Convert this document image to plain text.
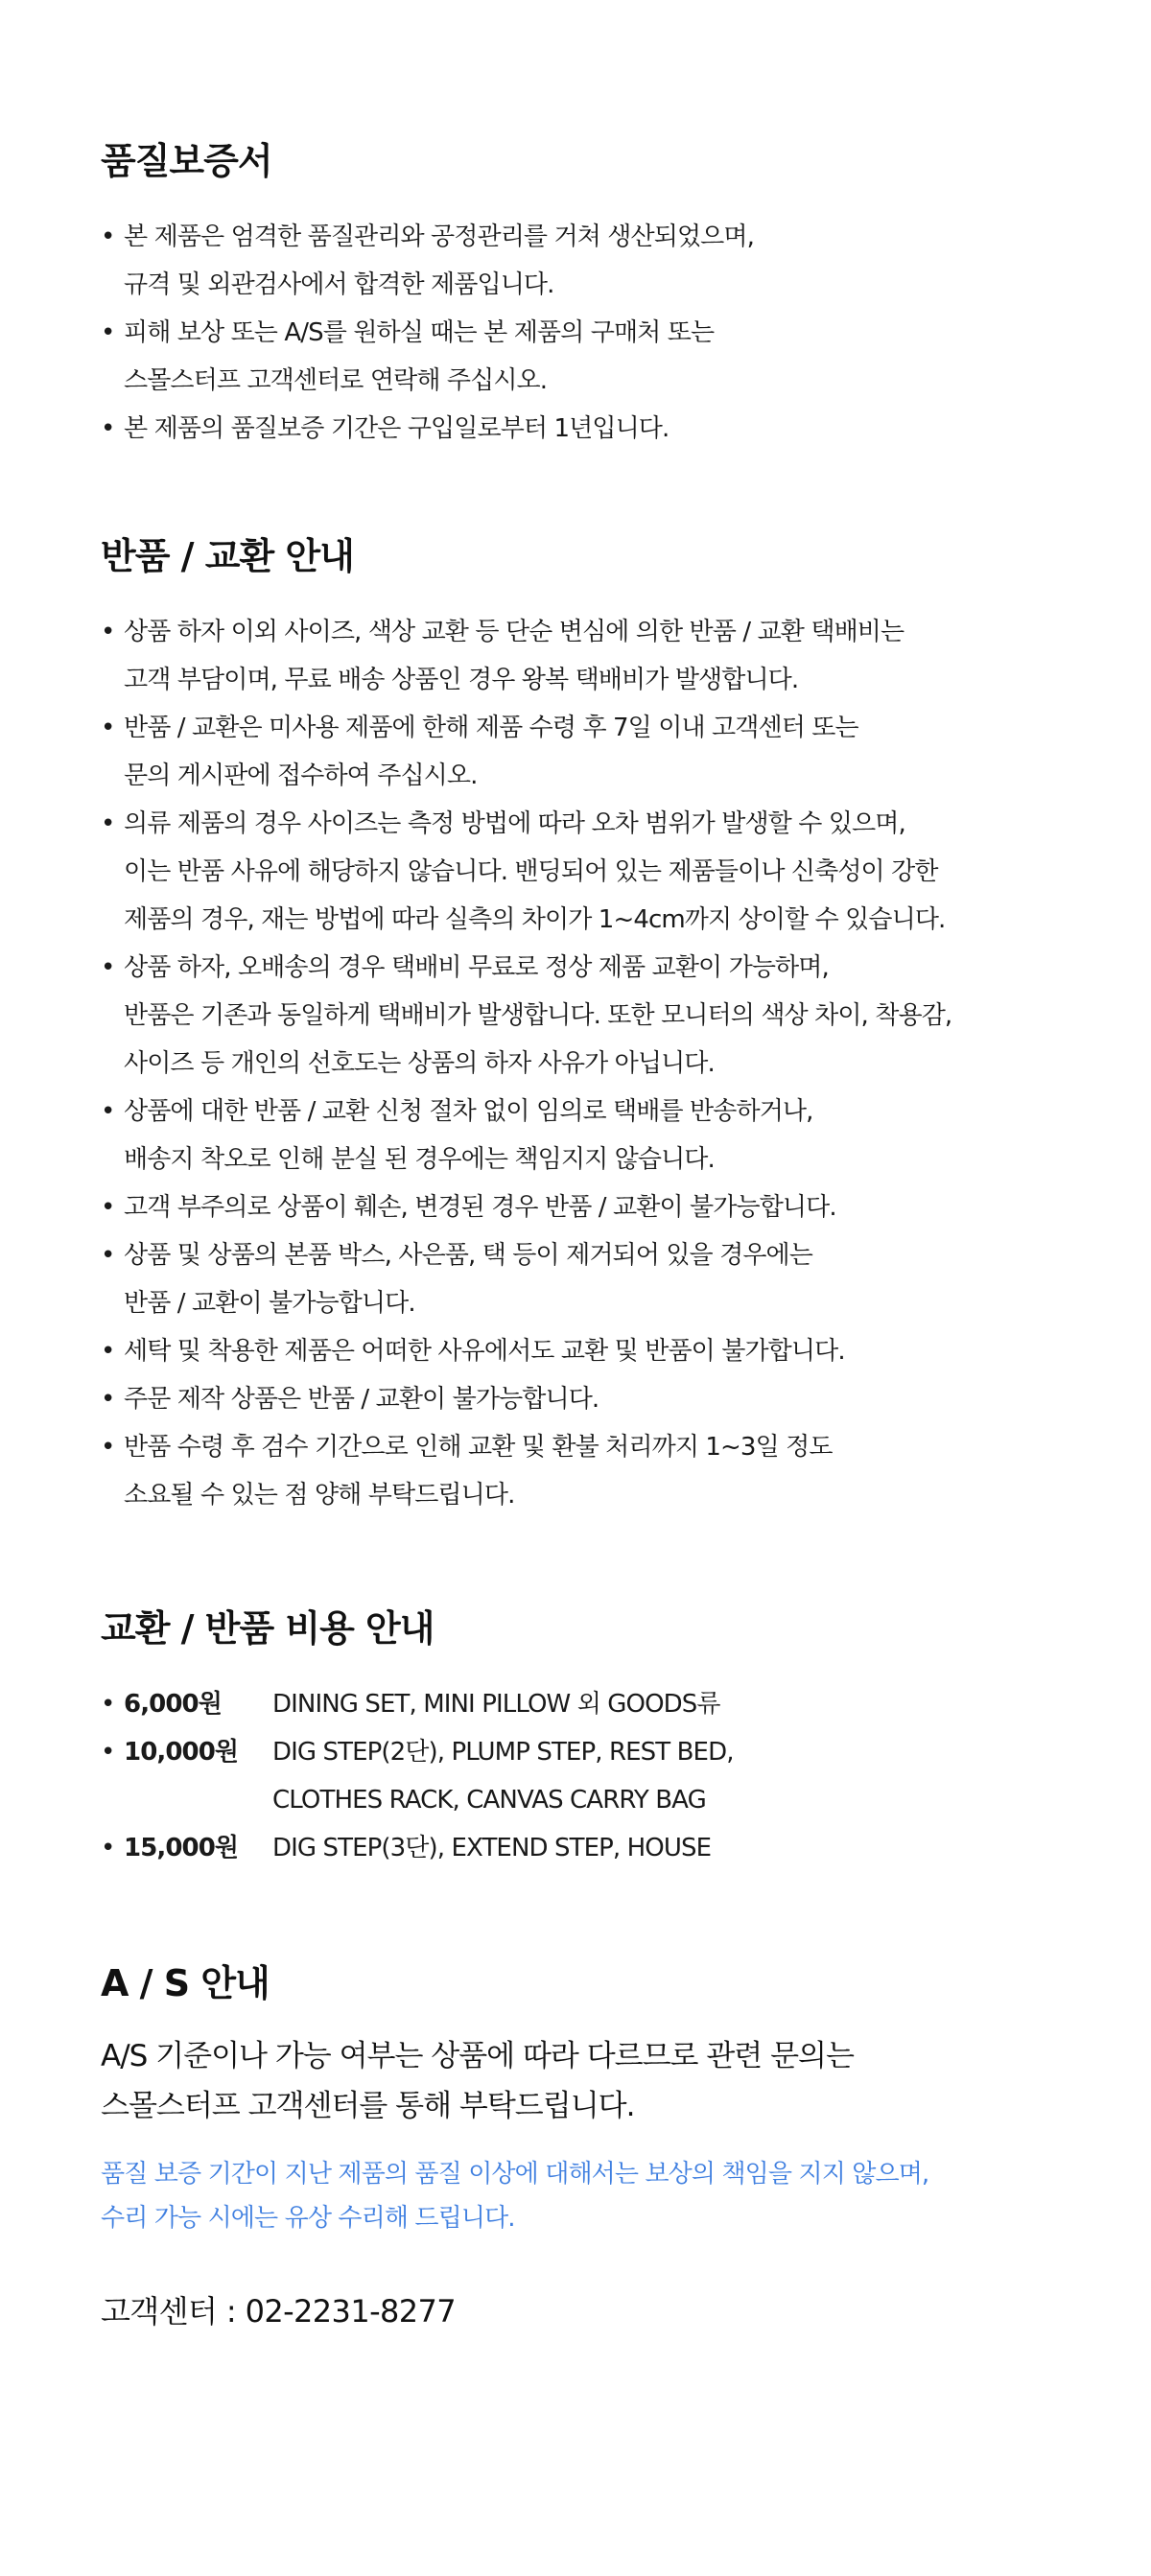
품질보증서
• 본 제품은 엄격한 품질관리와 공정관리를 거쳐 생산되었으며,
규격 및 외관검사에서 합격한 제품입니다.
• 피해 보상 또는 A/S를 원하실 때는 본 제품의 구매처 또는
스몰스터프 고객센터로 연락해 주십시오.
• 본 제품의 품질보증 기간은 구입일로부터 1년입니다.
반품 / 교환 안내
• 상품 하자 이외 사이즈, 색상 교환 등 단순 변심에 의한 반품 / 교환 택배비는
고객 부담이며, 무료 배송 상품인 경우 왕복 택배비가 발생합니다.
• 반품 / 교환은 미사용 제품에 한해 제품 수령 후 7일 이내 고객센터 또는
문의 게시판에 접수하여 주십시오.
• 의류 제품의 경우 사이즈는 측정 방법에 따라 오차 범위가 발생할 수 있으며,
이는 반품 사유에 해당하지 않습니다. 밴딩되어 있는 제품들이나 신축성이 강한
제품의 경우, 재는 방법에 따라 실측의 차이가 1~4cm까지 상이할 수 있습니다.
• 상품 하자, 오배송의 경우 택배비 무료로 정상 제품 교환이 가능하며,
반품은 기존과 동일하게 택배비가 발생합니다. 또한 모니터의 색상 차이, 착용감,
사이즈 등 개인의 선호도는 상품의 하자 사유가 아닙니다.
• 상품에 대한 반품 / 교환 신청 절차 없이 임의로 택배를 반송하거나,
배송지 착오로 인해 분실 된 경우에는 책임지지 않습니다.
• 고객 부주의로 상품이 훼손, 변경된 경우 반품 / 교환이 불가능합니다.
• 상품 및 상품의 본품 박스, 사은품, 택 등이 제거되어 있을 경우에는
반품 / 교환이 불가능합니다.
• 세탁 및 착용한 제품은 어떠한 사유에서도 교환 및 반품이 불가합니다.
• 주문 제작 상품은 반품 / 교환이 불가능합니다.
• 반품 수령 후 검수 기간으로 인해 교환 및 환불 처리까지 1~3일 정도
소요될 수 있는 점 양해 부탁드립니다.
교환 / 반품 비용 안내
• 6,000원	DINING SET, MINI PILLOW 외 GOODS류
• 10,000원	DIG STEP(2단), PLUMP STEP, REST BED,
CLOTHES RACK, CANVAS CARRY BAG
• 15,000원	DIG STEP(3단), EXTEND STEP, HOUSE
A / S 안내

A/S 기준이나 가능 여부는 상품에 따라 다르므로 관련 문의는
스몰스터프 고객센터를 통해 부탁드립니다.

품질 보증 기간이 지난 제품의 품질 이상에 대해서는 보상의 책임을 지지 않으며,
수리 가능 시에는 유상 수리해 드립니다.

고객센터 : 02-2231-8277
